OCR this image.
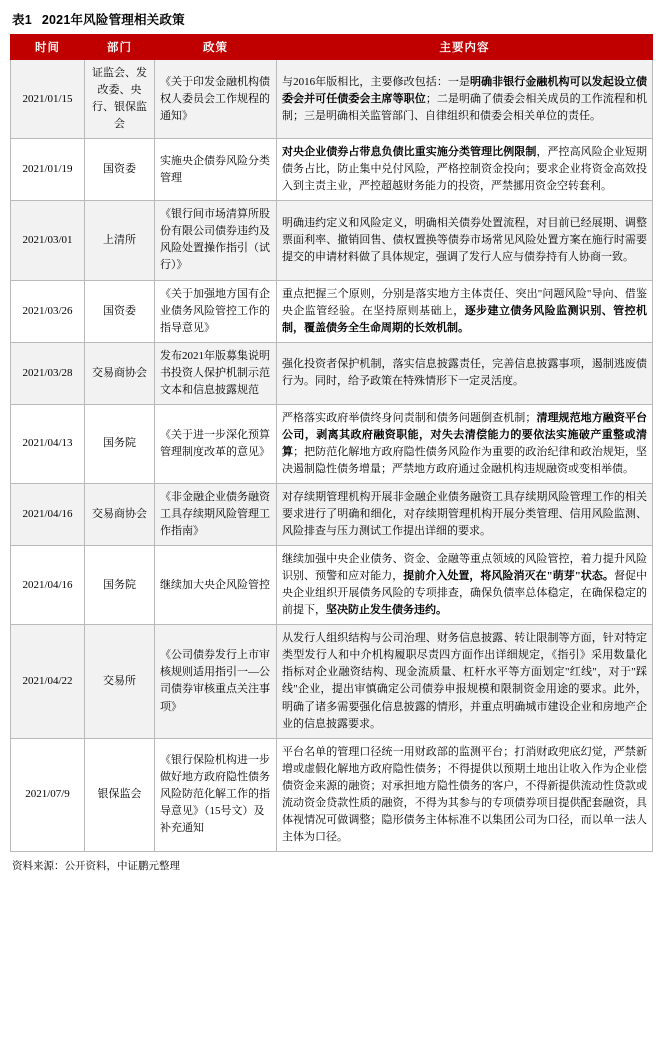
表1 2021年风险管理相关政策
时间	部门	政策	主要内容
2021/01/15	证监会、发改委、央行、银保监会	《关于印发金融机构债权人委员会工作规程的通知》	与2016年版相比，主要修改包括：一是明确非银行金融机构可以发起设立债委会并可任债委会主席等职位；二是明确了债委会相关成员的工作流程和机制；三是明确相关监管部门、自律组织和债委会相关单位的责任。
2021/01/19	国资委	实施央企债券风险分类管理	对央企业债券占带息负债比重实施分类管理比例限制，严控高风险企业短期债务占比，防止集中兑付风险，严格控制资金投向；要求企业将资金高效投入到主责主业，严控超越财务能力的投资，严禁挪用资金空转套利。
2021/03/01	上清所	《银行间市场清算所股份有限公司债券违约及风险处置操作指引（试行）》	明确违约定义和风险定义，明确相关债券处置流程，对目前已经展期、调整票面利率、撤销回售、债权置换等债券市场常见风险处置方案在施行时需要提交的申请材料做了具体规定，强调了发行人应与债券持有人协商一致。
2021/03/26	国资委	《关于加强地方国有企业债务风险管控工作的指导意见》	重点把握三个原则，分别是落实地方主体责任、突出"问题风险"导向、借鉴央企监管经验。在坚持原则基础上，逐步建立债务风险监测识别、管控机制，覆盖债务全生命周期的长效机制。
2021/03/28	交易商协会	发布2021年版募集说明书投资人保护机制示范文本和信息披露规范	强化投资者保护机制，落实信息披露责任，完善信息披露事项，遏制逃废债行为。同时，给予政策在特殊情形下一定灵活度。
2021/04/13	国务院	《关于进一步深化预算管理制度改革的意见》	严格落实政府举债终身问责制和债务问题倒查机制；清理规范地方融资平台公司，剥离其政府融资职能，对失去清偿能力的要依法实施破产重整或清算；把防范化解地方政府隐性债务风险作为重要的政治纪律和政治规矩，坚决遏制隐性债务增量；严禁地方政府通过金融机构违规融资或变相举债。
2021/04/16	交易商协会	《非金融企业债务融资工具存续期风险管理工作指南》	对存续期管理机构开展非金融企业债务融资工具存续期风险管理工作的相关要求进行了明确和细化，对存续期管理机构开展分类管理、信用风险监测、风险排查与压力测试工作提出详细的要求。
2021/04/16	国务院	继续加大央企风险管控	继续加强中央企业债务、资金、金融等重点领域的风险管控，着力提升风险识别、预警和应对能力，提前介入处置，将风险消灭在"萌芽"状态。督促中央企业组织开展债务风险的专项排查，确保负债率总体稳定，在确保稳定的前提下，坚决防止发生债务违约。
2021/04/22	交易所	《公司债券发行上市审核规则适用指引一—公司债券审核重点关注事项》	从发行人组织结构与公司治理、财务信息披露、转让限制等方面，针对特定类型发行人和中介机构履职尽责四方面作出详细规定，《指引》采用数量化指标对企业融资结构、现金流质量、杠杆水平等方面划定"红线"，对于"踩线"企业，提出审慎确定公司债券申报规模和限制资金用途的要求。此外，明确了诸多需要强化信息披露的情形，并重点明确城市建设企业和房地产企业的信息披露要求。
2021/07/9	银保监会	《银行保险机构进一步做好地方政府隐性债务风险防范化解工作的指导意见》（15号文）及补充通知	平台名单的管理口径统一用财政部的监测平台；打消财政兜底幻觉，严禁新增或虚假化解地方政府隐性债务；不得提供以预期土地出让收入作为企业偿债资金来源的融资；对承担地方隐性债务的客户，不得新提供流动性贷款或流动资金贷款性质的融资，不得为其参与的专项债券项目提供配套融资，具体视情况可做调整；隐形债务主体标准不以集团公司为口径，而以单一法人主体为口径。
资料来源：公开资料，中证鹏元整理
